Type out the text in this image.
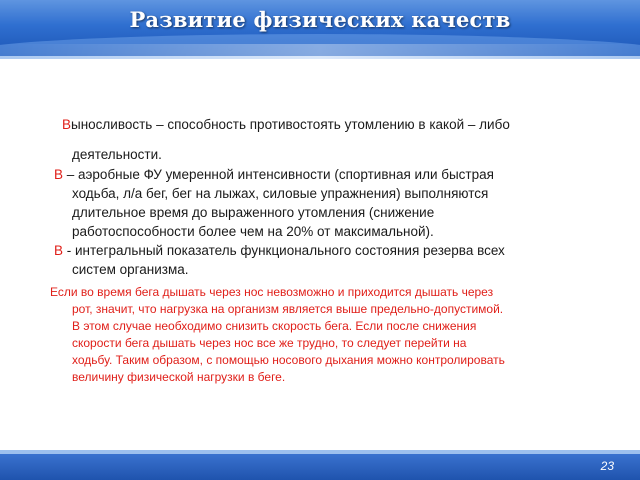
Развитие физических качеств
Выносливость – способность противостоять утомлению в какой – либо
деятельности.
В – аэробные ФУ умеренной интенсивности (спортивная или быстрая
ходьба, л/а бег, бег на лыжах, силовые упражнения) выполняются
длительное время до выраженного утомления (снижение
работоспособности более чем на 20% от максимальной).
В - интегральный показатель функционального состояния резерва всех
систем организма.
Если во время бега дышать через нос невозможно и приходится дышать через
рот, значит, что нагрузка на организм является выше предельно-допустимой.
В этом случае необходимо снизить скорость бега. Если после снижения
скорости бега дышать через нос все же трудно, то следует перейти на
ходьбу. Таким образом, с помощью носового дыхания можно контролировать
величину физической нагрузки в беге.
23
